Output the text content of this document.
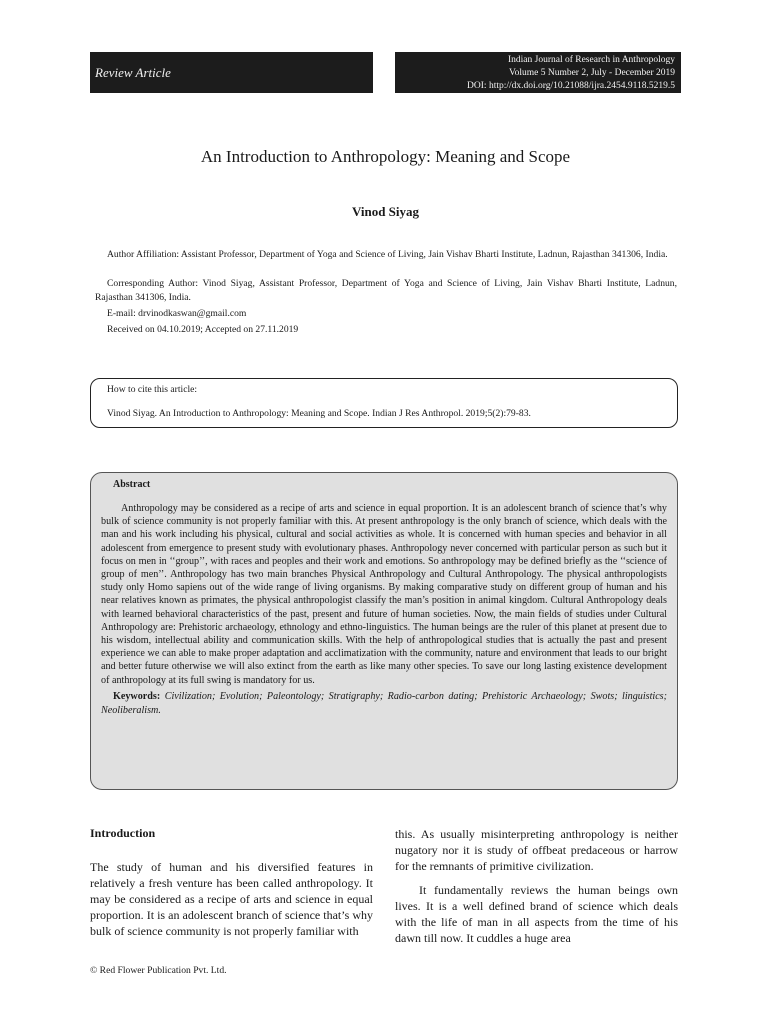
Review Article
Indian Journal of Research in Anthropology
Volume 5 Number 2, July - December 2019
DOI: http://dx.doi.org/10.21088/ijra.2454.9118.5219.5
An Introduction to Anthropology: Meaning and Scope
Vinod Siyag

Author Affiliation: Assistant Professor, Department of Yoga and Science of Living, Jain Vishav Bharti Institute, Ladnun, Rajasthan 341306, India.

Corresponding Author: Vinod Siyag, Assistant Professor, Department of Yoga and Science of Living, Jain Vishav Bharti Institute, Ladnun, Rajasthan 341306, India.

E-mail: drvinodkaswan@gmail.com

Received on 04.10.2019; Accepted on 27.11.2019

How to cite this article:

Vinod Siyag. An Introduction to Anthropology: Meaning and Scope. Indian J Res Anthropol. 2019;5(2):79-83.

Abstract

Anthropology may be considered as a recipe of arts and science in equal proportion. It is an adolescent branch of science that’s why bulk of science community is not properly familiar with this. At present anthropology is the only branch of science, which deals with the man and his work including his physical, cultural and social activities as whole. It is concerned with human species and behavior in all adolescent from emergence to present study with evolutionary phases. Anthropology never concerned with particular person as such but it focus on men in ‘‘group’’, with races and peoples and their work and emotions. So anthropology may be defined briefly as the ‘‘science of group of men’’. Anthropology has two main branches Physical Anthropology and Cultural Anthropology. The physical anthropologists study only Homo sapiens out of the wide range of living organisms. By making comparative study on different group of human and his near relatives known as primates, the physical anthropologist classify the man’s position in animal kingdom. Cultural Anthropology deals with learned behavioral characteristics of the past, present and future of human societies. Now, the main fields of studies under Cultural Anthropology are: Prehistoric archaeology, ethnology and ethno-linguistics. The human beings are the ruler of this planet at present due to his wisdom, intellectual ability and communication skills. With the help of anthropological studies that is actually the past and present experience we can able to make proper adaptation and acclimatization with the community, nature and environment that leads to our bright and better future otherwise we will also extinct from the earth as like many other species. To save our long lasting existence development of anthropology at its full swing is mandatory for us.

Keywords: Civilization; Evolution; Paleontology; Stratigraphy; Radio-carbon dating; Prehistoric Archaeology; Swots; linguistics; Neoliberalism.

Introduction

The study of human and his diversified features in relatively a fresh venture has been called anthropology. It may be considered as a recipe of arts and science in equal proportion. It is an adolescent branch of science that’s why bulk of science community is not properly familiar with

this. As usually misinterpreting anthropology is neither nugatory nor it is study of offbeat predaceous or harrow for the remnants of primitive civilization.

It fundamentally reviews the human beings own lives. It is a well defined brand of science which deals with the life of man in all aspects from the time of his dawn till now. It cuddles a huge area

© Red Flower Publication Pvt. Ltd.
